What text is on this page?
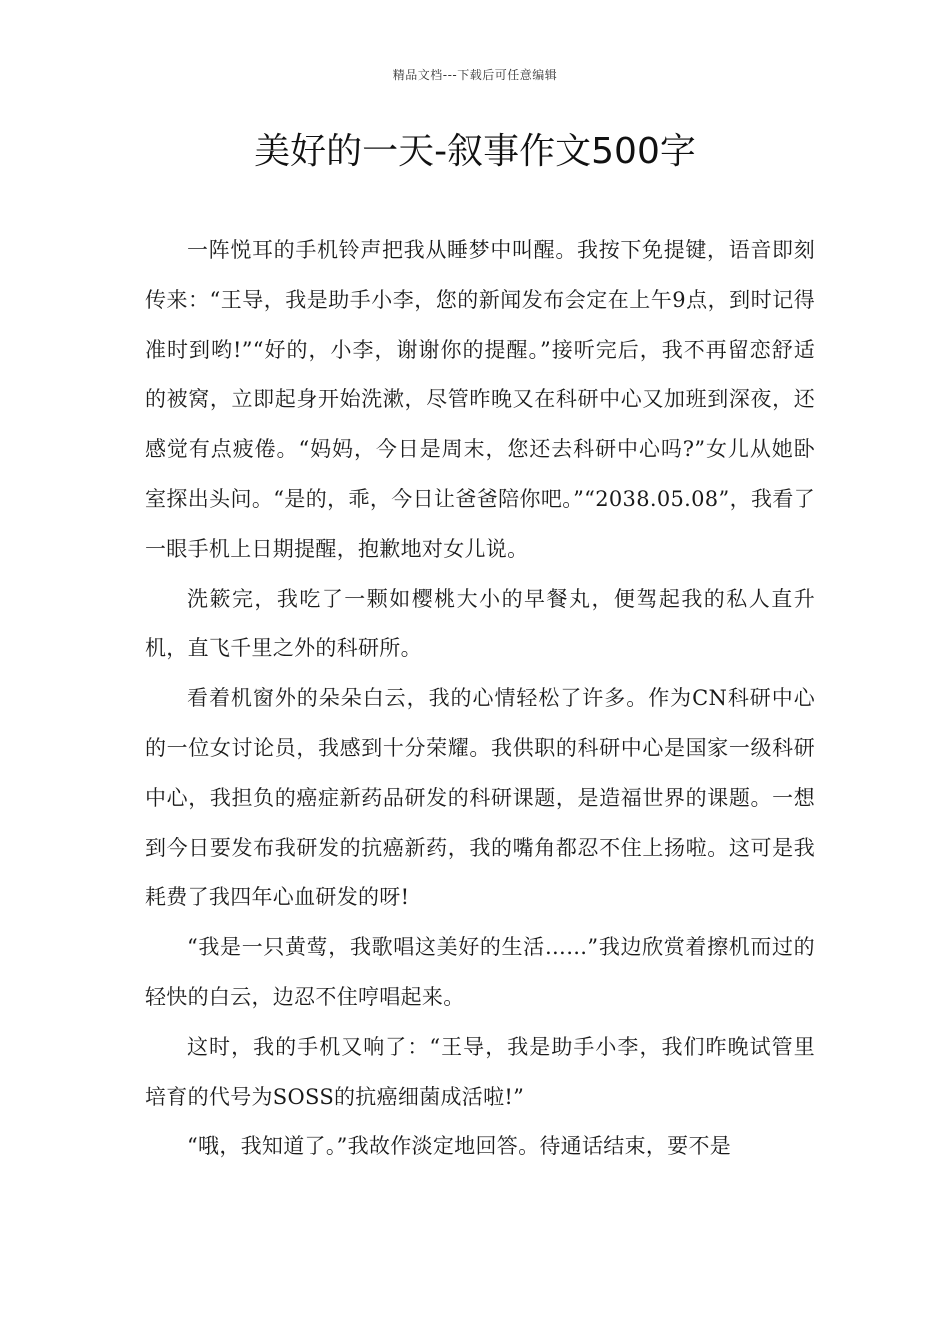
精品文档---下载后可任意编辑
美好的一天-叙事作文500字

一阵悦耳的手机铃声把我从睡梦中叫醒。我按下免提键，语音即刻传来：“王导，我是助手小李，您的新闻发布会定在上午9点，到时记得准时到哟!”“好的，小李，谢谢你的提醒。”接听完后，我不再留恋舒适的被窝，立即起身开始洗漱，尽管昨晚又在科研中心又加班到深夜，还感觉有点疲倦。“妈妈，今日是周末，您还去科研中心吗?”女儿从她卧室探出头问。“是的，乖，今日让爸爸陪你吧。”“2038.05.08”，我看了一眼手机上日期提醒，抱歉地对女儿说。

洗簌完，我吃了一颗如樱桃大小的早餐丸，便驾起我的私人直升机，直飞千里之外的科研所。

看着机窗外的朵朵白云，我的心情轻松了许多。作为CN科研中心的一位女讨论员，我感到十分荣耀。我供职的科研中心是国家一级科研中心，我担负的癌症新药品研发的科研课题，是造福世界的课题。一想到今日要发布我研发的抗癌新药，我的嘴角都忍不住上扬啦。这可是我耗费了我四年心血研发的呀!

“我是一只黄莺，我歌唱这美好的生活……”我边欣赏着擦机而过的轻快的白云，边忍不住哼唱起来。

这时，我的手机又响了：“王导，我是助手小李，我们昨晚试管里培育的代号为SOSS的抗癌细菌成活啦!”

“哦，我知道了。”我故作淡定地回答。待通话结束，要不是
